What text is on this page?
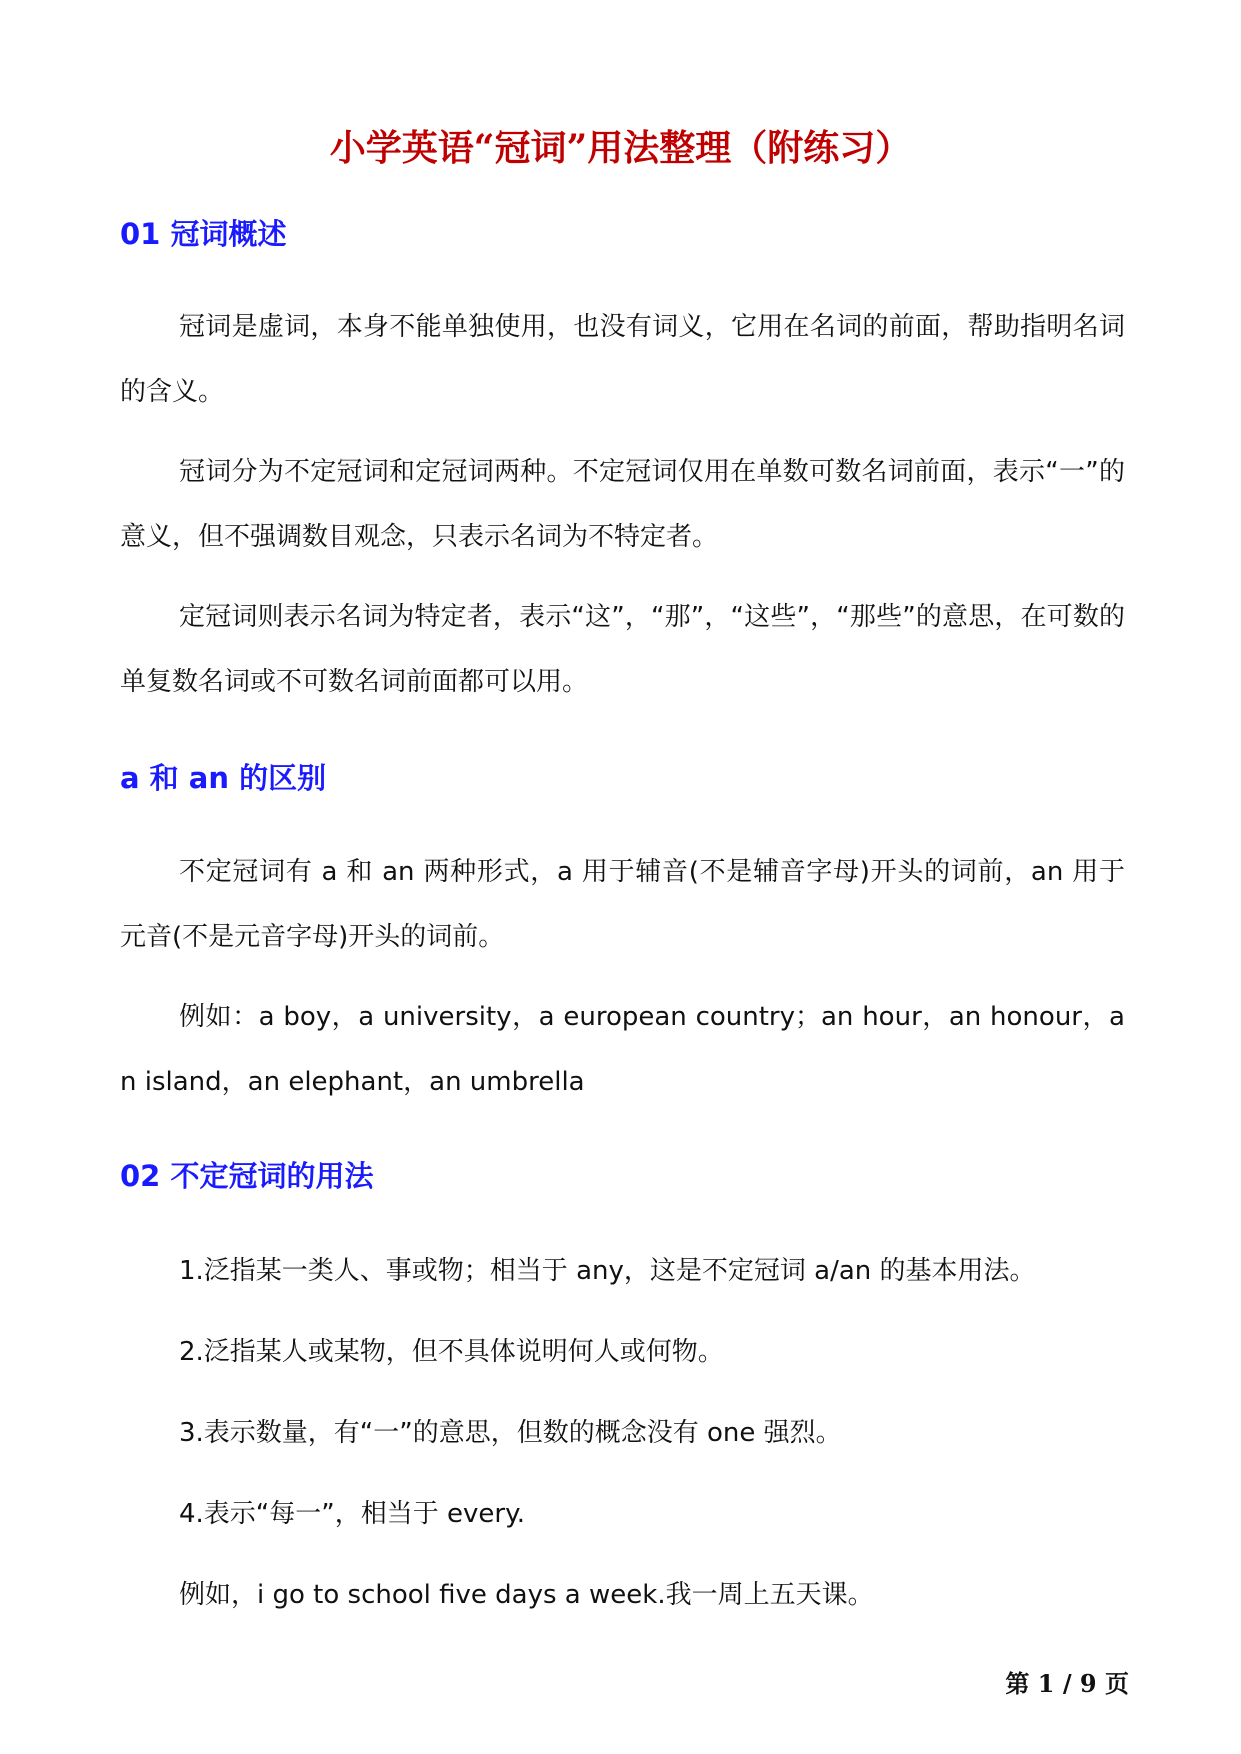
小学英语“冠词”用法整理（附练习）
01 冠词概述
冠词是虚词，本身不能单独使用，也没有词义，它用在名词的前面，帮助指明名词的含义。
冠词分为不定冠词和定冠词两种。不定冠词仅用在单数可数名词前面，表示“一”的意义，但不强调数目观念，只表示名词为不特定者。
定冠词则表示名词为特定者，表示“这”，“那”，“这些”，“那些”的意思，在可数的单复数名词或不可数名词前面都可以用。
a 和 an 的区别
不定冠词有 a 和 an 两种形式，a 用于辅音(不是辅音字母)开头的词前，an 用于元音(不是元音字母)开头的词前。
例如：a boy，a university，a european country；an hour，an honour，an island，an elephant，an umbrella
02 不定冠词的用法
1.泛指某一类人、事或物；相当于 any，这是不定冠词 a/an 的基本用法。
2.泛指某人或某物，但不具体说明何人或何物。
3.表示数量，有“一”的意思，但数的概念没有 one 强烈。
4.表示“每一”，相当于 every.
例如，i go to school five days a week.我一周上五天课。
第 1 / 9 页
